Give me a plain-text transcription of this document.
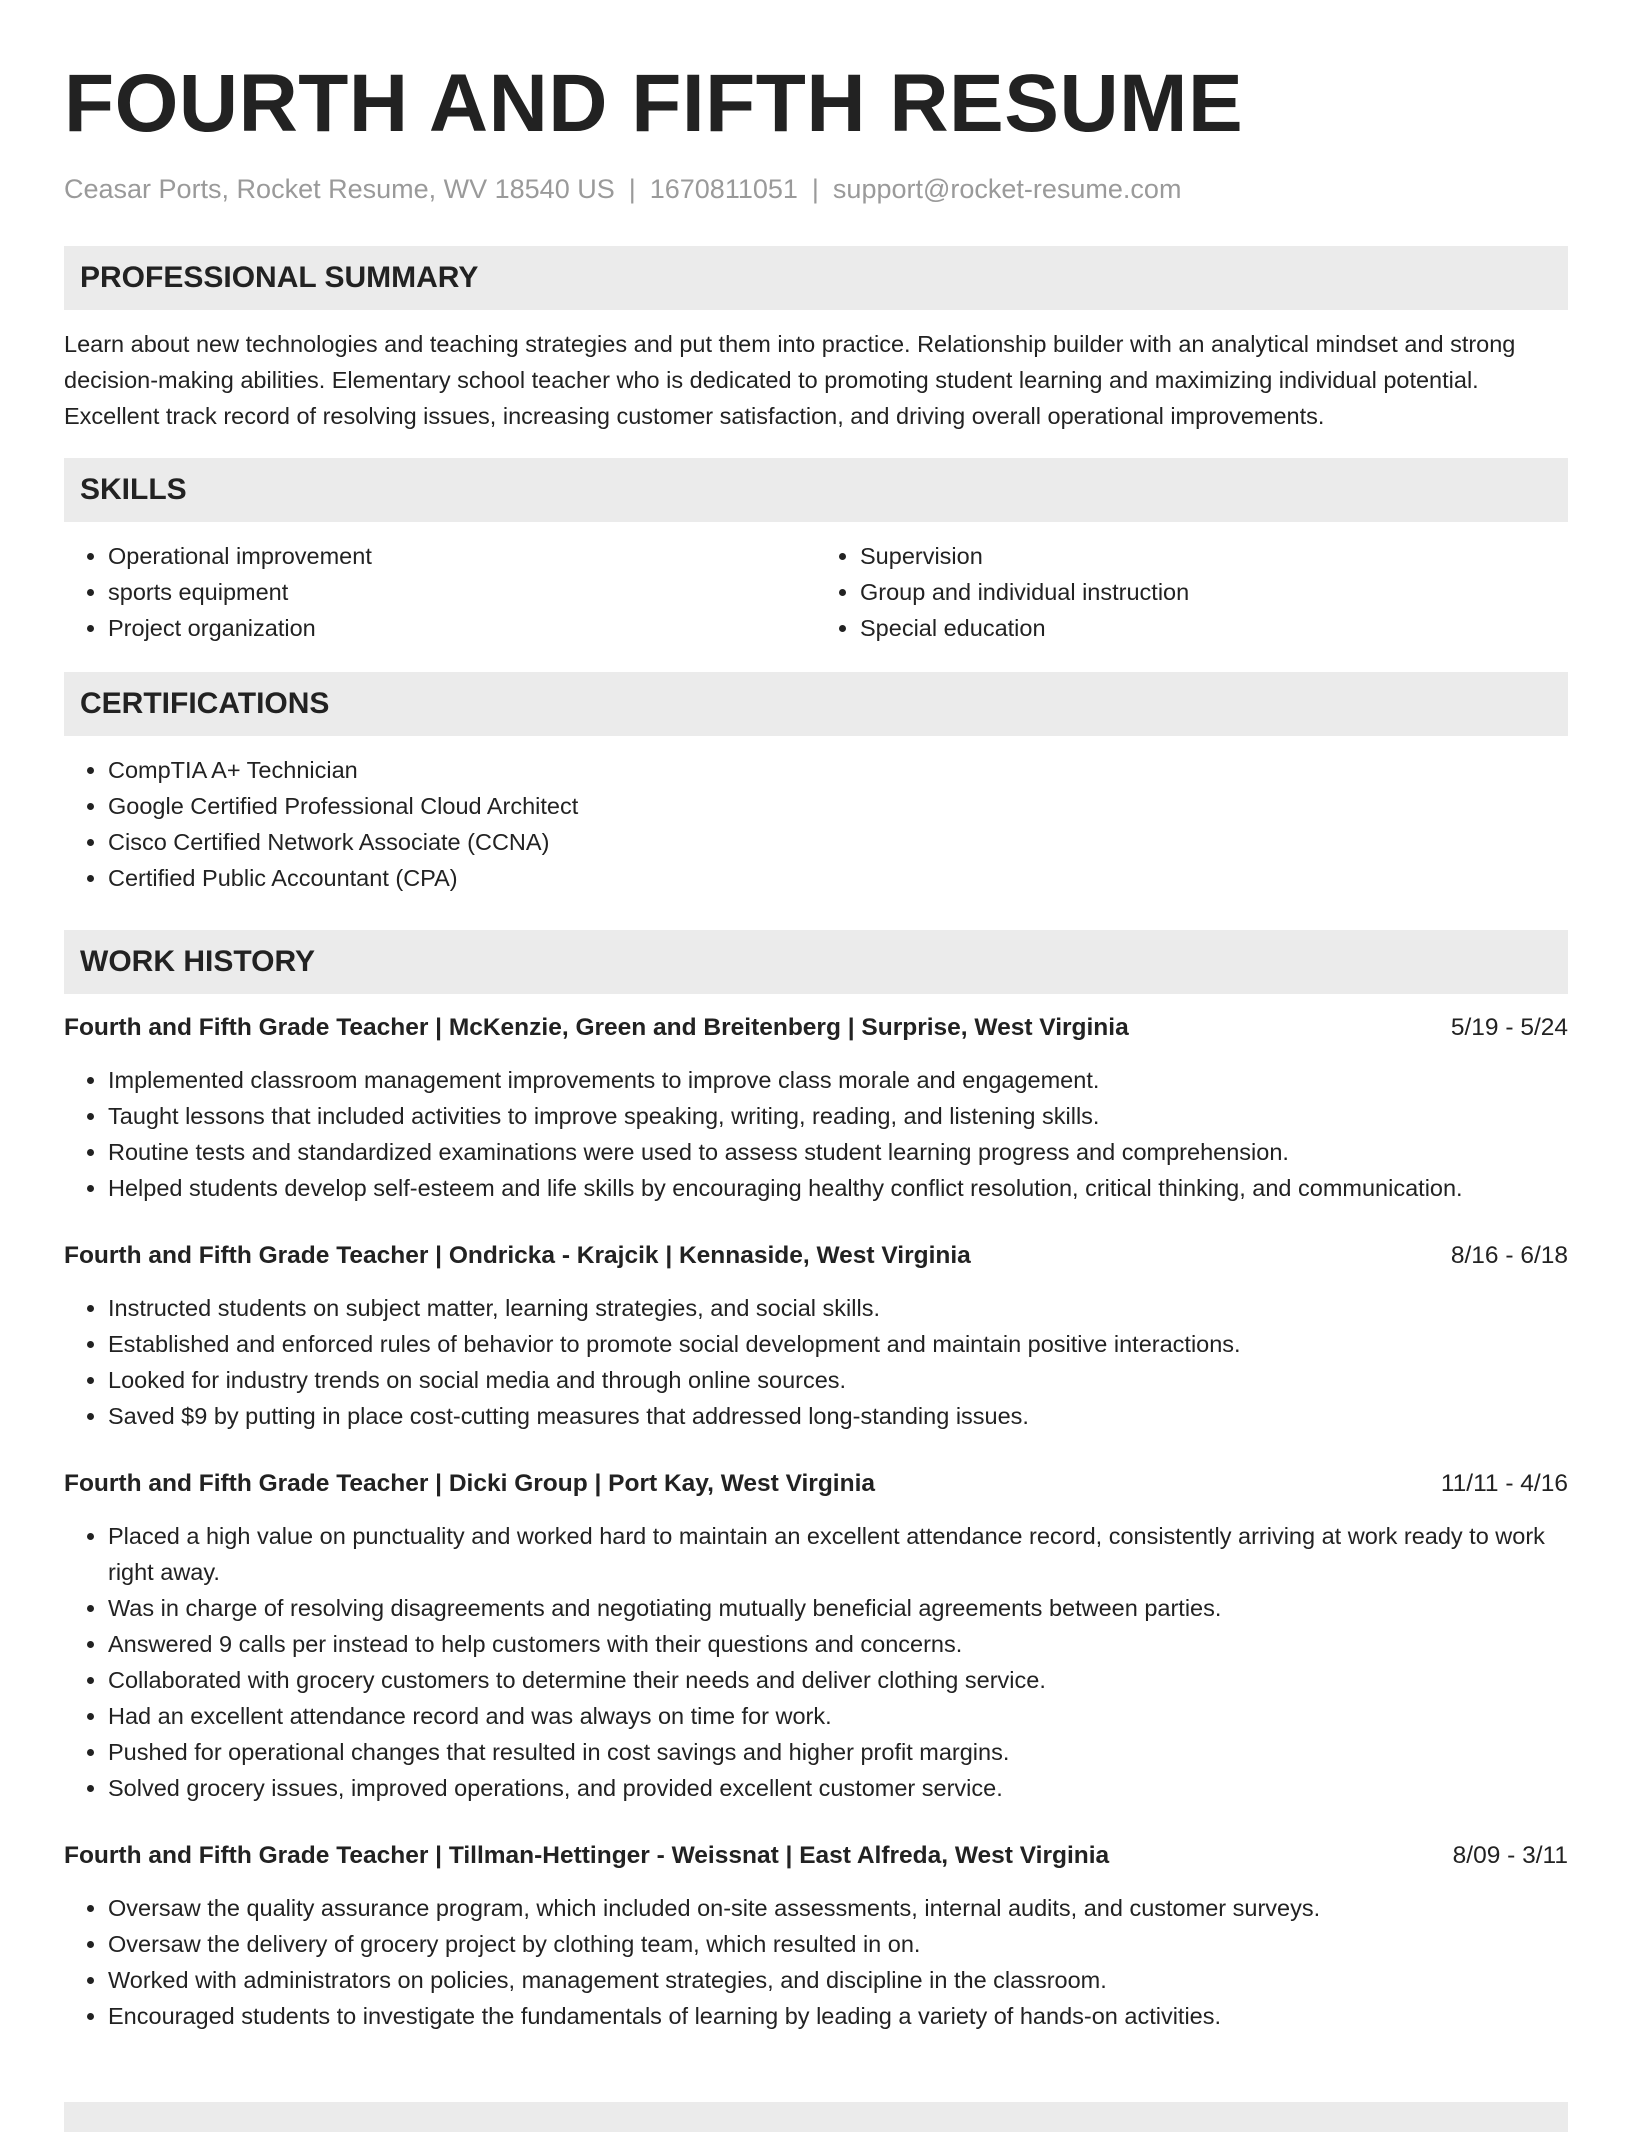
FOURTH AND FIFTH RESUME
Ceasar Ports, Rocket Resume, WV 18540 US | 1670811051 | support@rocket-resume.com
PROFESSIONAL SUMMARY

Learn about new technologies and teaching strategies and put them into practice. Relationship builder with an analytical mindset and strong decision-making abilities. Elementary school teacher who is dedicated to promoting student learning and maximizing individual potential. Excellent track record of resolving issues, increasing customer satisfaction, and driving overall operational improvements.

SKILLS
• Operational improvement
• sports equipment
• Project organization
• Supervision
• Group and individual instruction
• Special education
CERTIFICATIONS
• CompTIA A+ Technician
• Google Certified Professional Cloud Architect
• Cisco Certified Network Associate (CCNA)
• Certified Public Accountant (CPA)
WORK HISTORY
Fourth and Fifth Grade Teacher | McKenzie, Green and Breitenberg | Surprise, West Virginia	5/19 - 5/24
• Implemented classroom management improvements to improve class morale and engagement.
• Taught lessons that included activities to improve speaking, writing, reading, and listening skills.
• Routine tests and standardized examinations were used to assess student learning progress and comprehension.
• Helped students develop self-esteem and life skills by encouraging healthy conflict resolution, critical thinking, and communication.
Fourth and Fifth Grade Teacher | Ondricka - Krajcik | Kennaside, West Virginia	8/16 - 6/18
• Instructed students on subject matter, learning strategies, and social skills.
• Established and enforced rules of behavior to promote social development and maintain positive interactions.
• Looked for industry trends on social media and through online sources.
• Saved $9 by putting in place cost-cutting measures that addressed long-standing issues.
Fourth and Fifth Grade Teacher | Dicki Group | Port Kay, West Virginia	11/11 - 4/16
• Placed a high value on punctuality and worked hard to maintain an excellent attendance record, consistently arriving at work ready to work right away.
• Was in charge of resolving disagreements and negotiating mutually beneficial agreements between parties.
• Answered 9 calls per instead to help customers with their questions and concerns.
• Collaborated with grocery customers to determine their needs and deliver clothing service.
• Had an excellent attendance record and was always on time for work.
• Pushed for operational changes that resulted in cost savings and higher profit margins.
• Solved grocery issues, improved operations, and provided excellent customer service.
Fourth and Fifth Grade Teacher | Tillman-Hettinger - Weissnat | East Alfreda, West Virginia	8/09 - 3/11
• Oversaw the quality assurance program, which included on-site assessments, internal audits, and customer surveys.
• Oversaw the delivery of grocery project by clothing team, which resulted in on.
• Worked with administrators on policies, management strategies, and discipline in the classroom.
• Encouraged students to investigate the fundamentals of learning by leading a variety of hands-on activities.
